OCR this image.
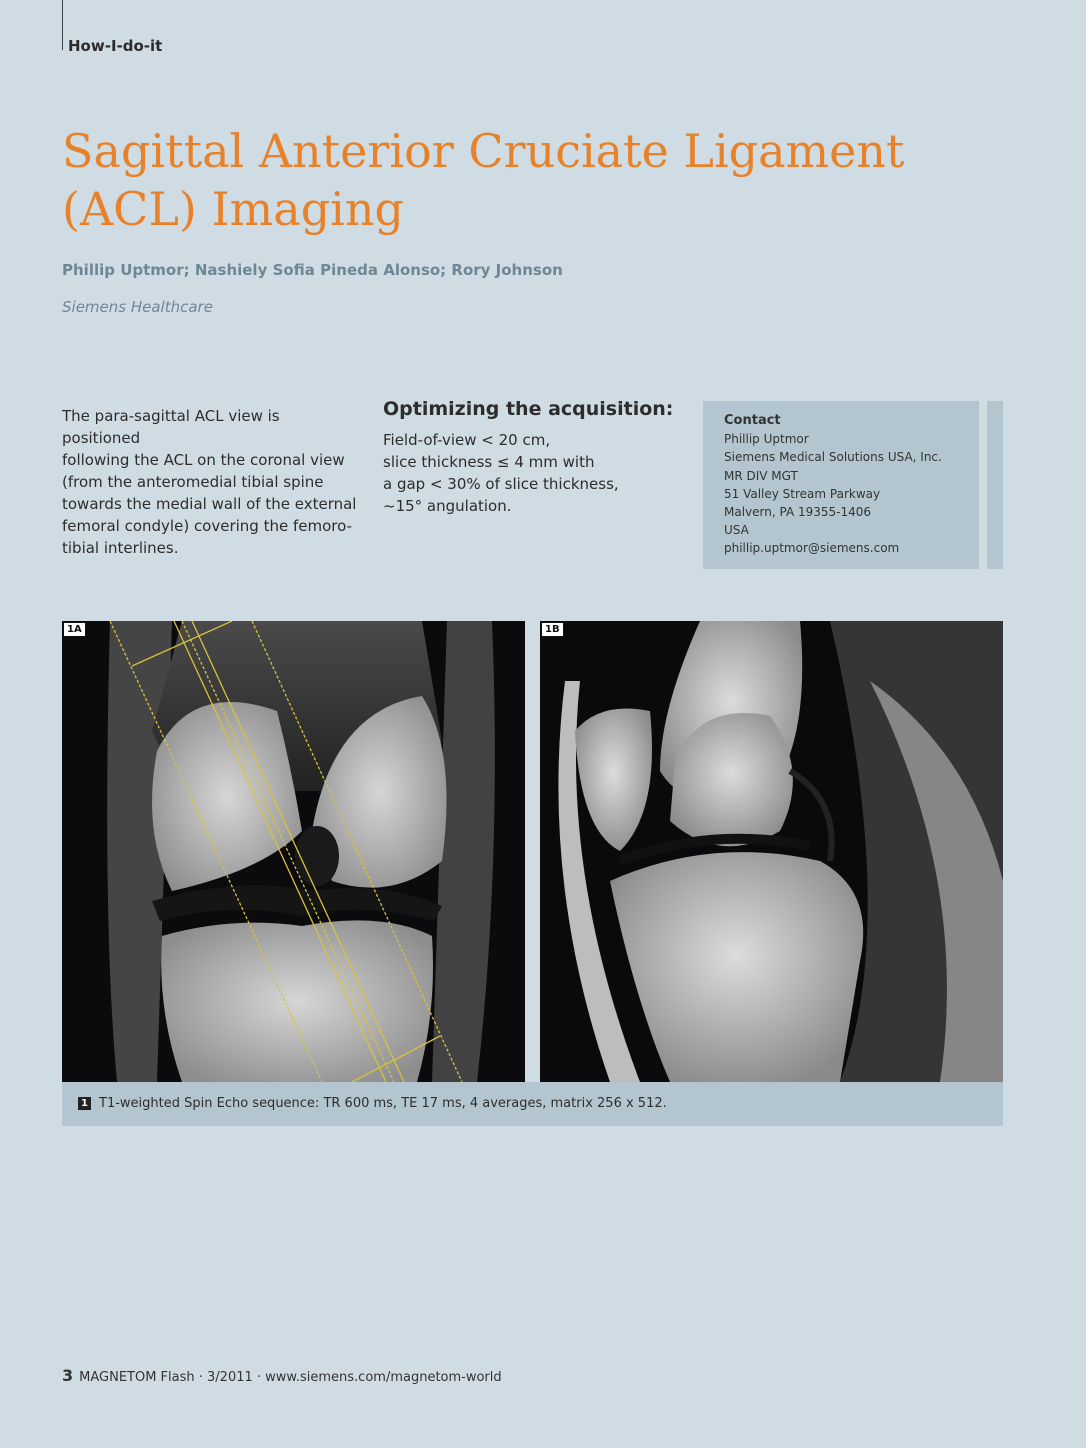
How-I-do-it
Sagittal Anterior Cruciate Ligament
(ACL) Imaging
Phillip Uptmor; Nashiely Sofia Pineda Alonso; Rory Johnson
Siemens Healthcare
The para-sagittal ACL view is positioned
following the ACL on the coronal view
(from the anteromedial tibial spine
towards the medial wall of the external
femoral condyle) covering the femoro-
tibial interlines.
Optimizing the acquisition:
Field-of-view < 20 cm,
slice thickness ≤ 4 mm with
a gap < 30% of slice thickness,
~15° angulation.
Contact
Phillip Uptmor
Siemens Medical Solutions USA, Inc.
MR DIV MGT
51 Valley Stream Parkway
Malvern, PA 19355-1406
USA
phillip.uptmor@siemens.com
1A	1B
1 T1-weighted Spin Echo sequence: TR 600 ms, TE 17 ms, 4 averages, matrix 256 x 512.
3 MAGNETOM Flash · 3/2011 · www.siemens.com/magnetom-world
